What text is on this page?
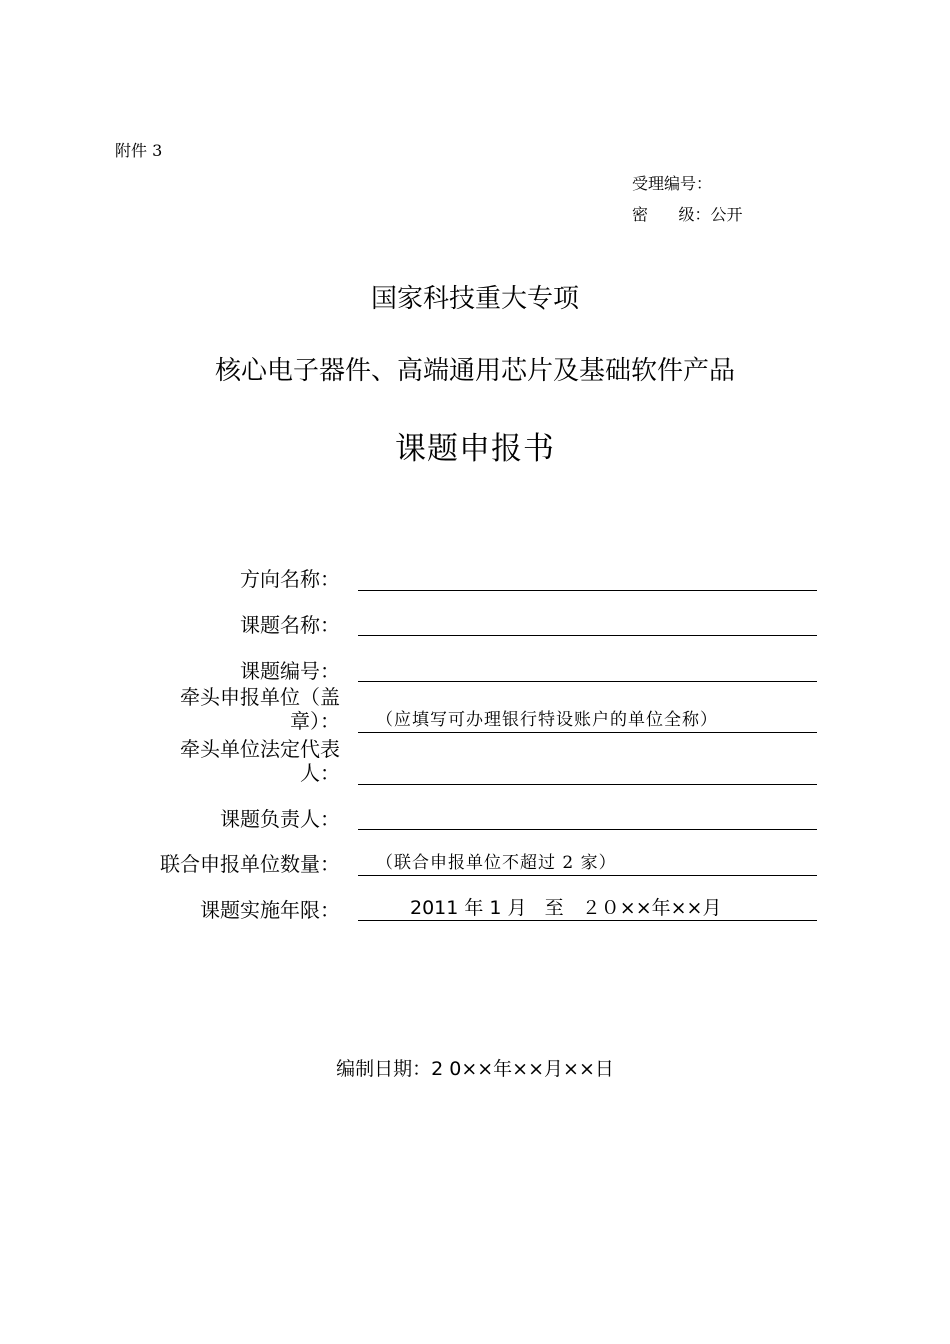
附件 3
受理编号：
密      级：公开
国家科技重大专项
核心电子器件、高端通用芯片及基础软件产品
课题申报书
方向名称：
课题名称：
课题编号：
牵头申报单位（盖
章）：	（应填写可办理银行特设账户的单位全称）
牵头单位法定代表
人：
课题负责人：
联合申报单位数量：	（联合申报单位不超过 2 家）
课题实施年限：	2011 年 1 月   至   ２０××年××月
编制日期：2 0××年××月××日
